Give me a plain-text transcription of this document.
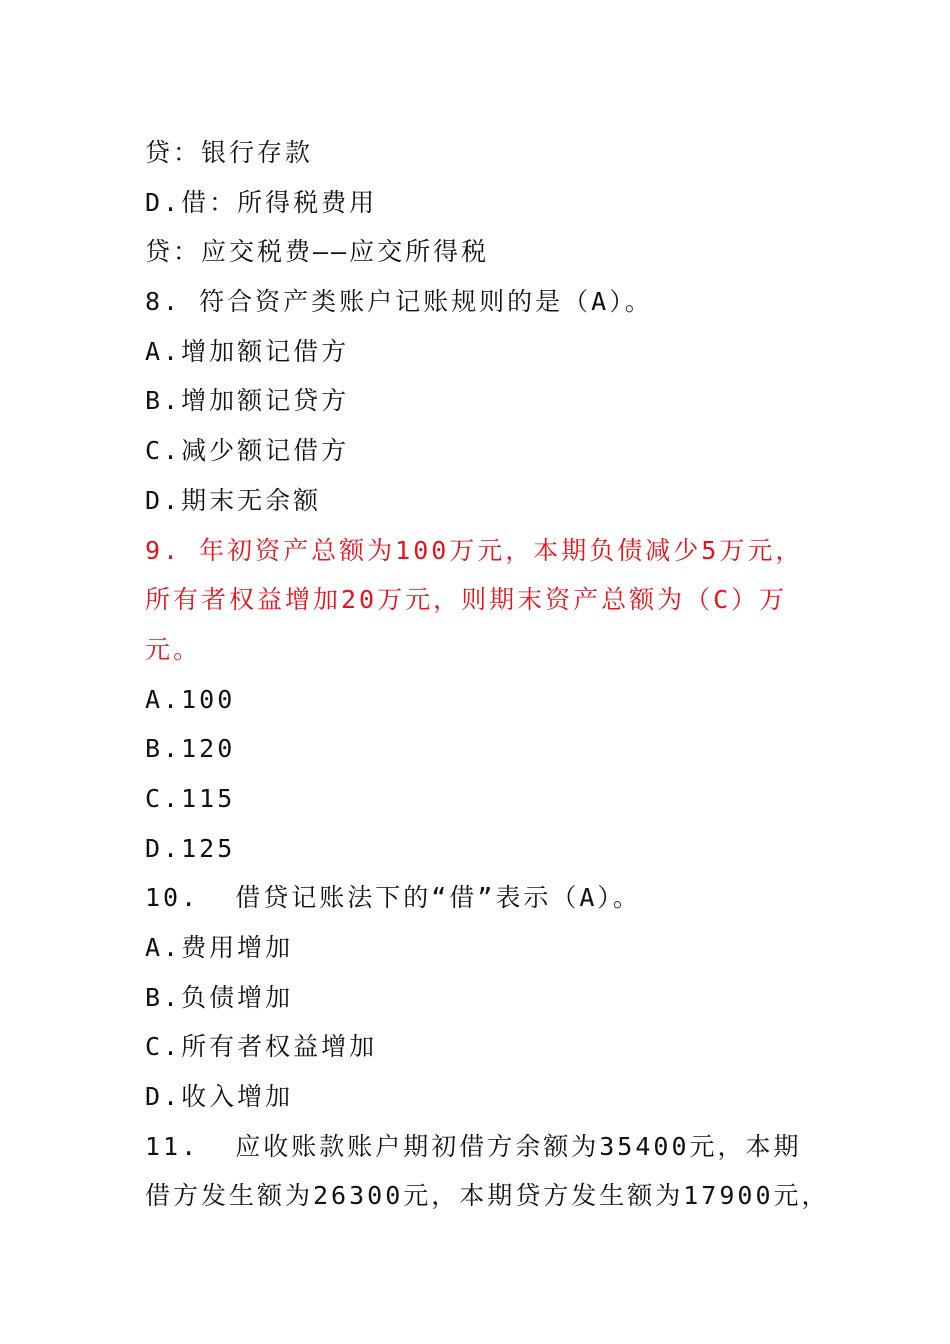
贷：银行存款
D.借：所得税费用
贷：应交税费——应交所得税
8. 符合资产类账户记账规则的是（A）。
A.增加额记借方
B.增加额记贷方
C.减少额记借方
D.期末无余额
9. 年初资产总额为100万元，本期负债减少5万元，
所有者权益增加20万元，则期末资产总额为（C）万
元。
A.100
B.120
C.115
D.125
10.  借贷记账法下的“借”表示（A）。
A.费用增加
B.负债增加
C.所有者权益增加
D.收入增加
11.  应收账款账户期初借方余额为35400元，本期
借方发生额为26300元，本期贷方发生额为17900元，
